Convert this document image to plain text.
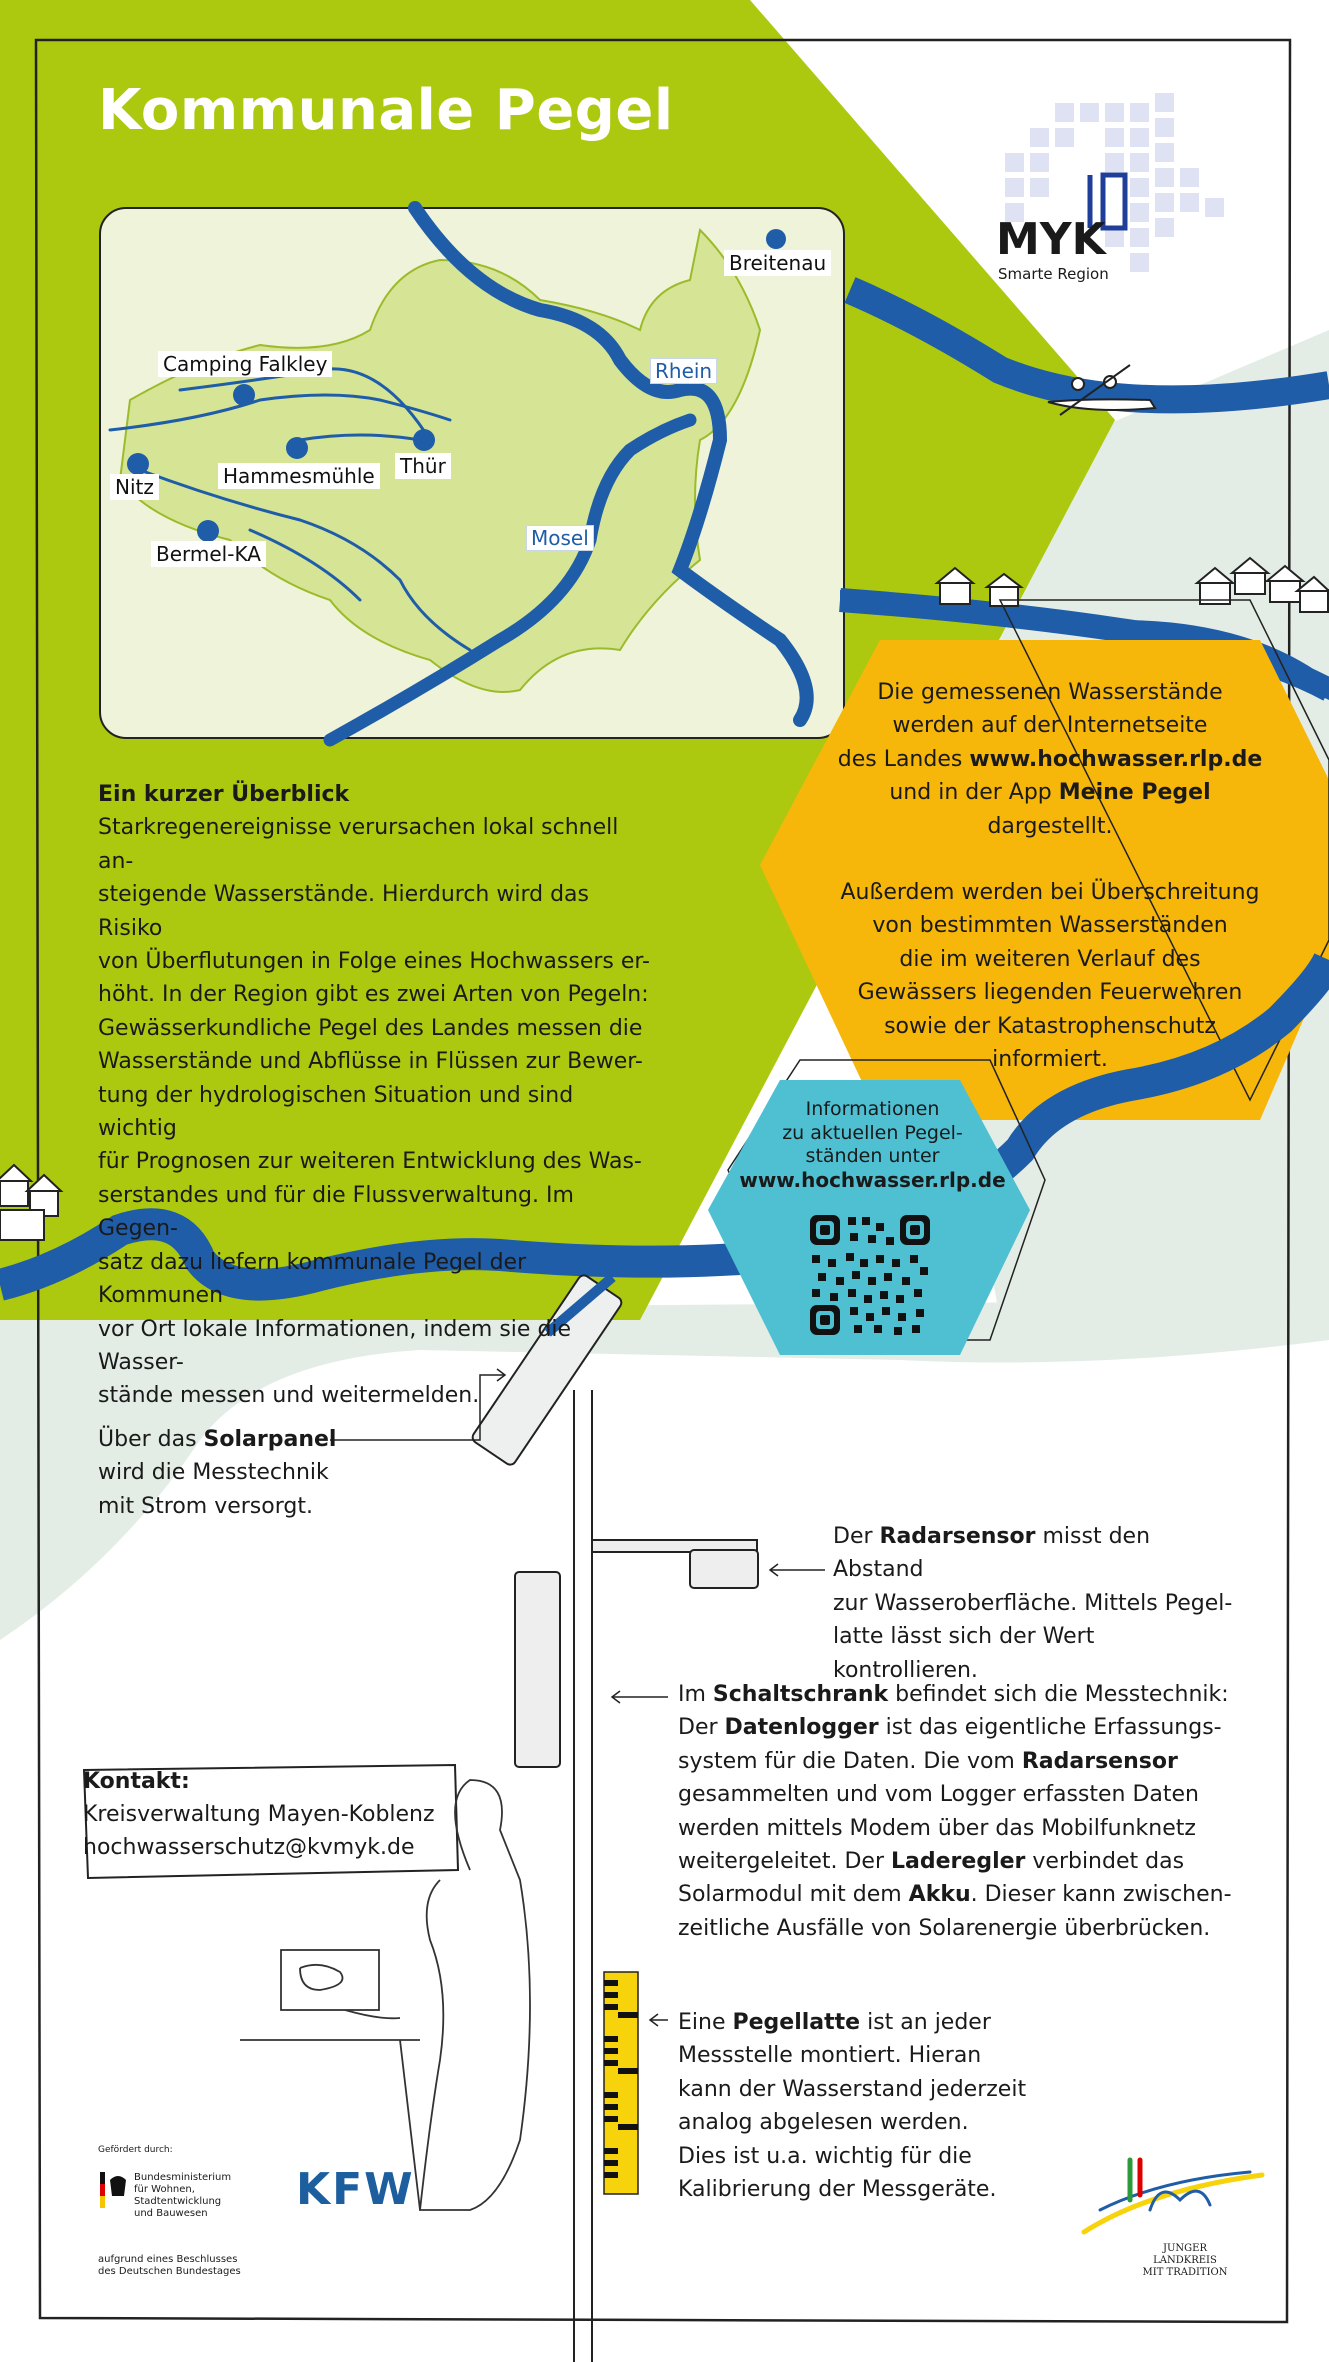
Kommunale Pegel
Breitenau
Camping Falkley
Nitz	Hammesmühle Thür
Bermel-KA
Rhein
Mosel
MYK
Smarte Region
Ein kurzer Überblick
Starkregenereignisse verursachen lokal schnell an-
steigende Wasserstände. Hierdurch wird das Risiko
von Überflutungen in Folge eines Hochwassers er-
höht. In der Region gibt es zwei Arten von Pegeln:
Gewässerkundliche Pegel des Landes messen die
Wasserstände und Abflüsse in Flüssen zur Bewer-
tung der hydrologischen Situation und sind wichtig
für Prognosen zur weiteren Entwicklung des Was-
serstandes und für die Flussverwaltung. Im Gegen-
satz dazu liefern kommunale Pegel der Kommunen
vor Ort lokale Informationen, indem sie die Wasser-
stände messen und weitermelden.
Die gemessenen Wasserstände
werden auf der Internetseite
des Landes www.hochwasser.rlp.de
und in der App Meine Pegel
dargestellt.
Außerdem werden bei Überschreitung
von bestimmten Wasserständen
die im weiteren Verlauf des
Gewässers liegenden Feuerwehren
sowie der Katastrophenschutz
informiert.
Informationen
zu aktuellen Pegel-
ständen unter
www.hochwasser.rlp.de
Über das Solarpanel
wird die Messtechnik
mit Strom versorgt.
Der Radarsensor misst den Abstand
zur Wasseroberfläche. Mittels Pegel-
latte lässt sich der Wert kontrollieren.
Im Schaltschrank befindet sich die Messtechnik:
Der Datenlogger ist das eigentliche Erfassungs-
system für die Daten. Die vom Radarsensor
gesammelten und vom Logger erfassten Daten
werden mittels Modem über das Mobilfunknetz
weitergeleitet. Der Laderegler verbindet das
Solarmodul mit dem Akku. Dieser kann zwischen-
zeitliche Ausfälle von Solarenergie überbrücken.
Eine Pegellatte ist an jeder
Messstelle montiert. Hieran
kann der Wasserstand jederzeit
analog abgelesen werden.
Dies ist u.a. wichtig für die
Kalibrierung der Messgeräte.
Kontakt:
Kreisverwaltung Mayen-Koblenz
hochwasserschutz@kvmyk.de
Gefördert durch:
Bundesministerium
für Wohnen, Stadtentwicklung
und Bauwesen
aufgrund eines Beschlusses
des Deutschen Bundestages
KFW
JUNGER LANDKREIS
MIT TRADITION
